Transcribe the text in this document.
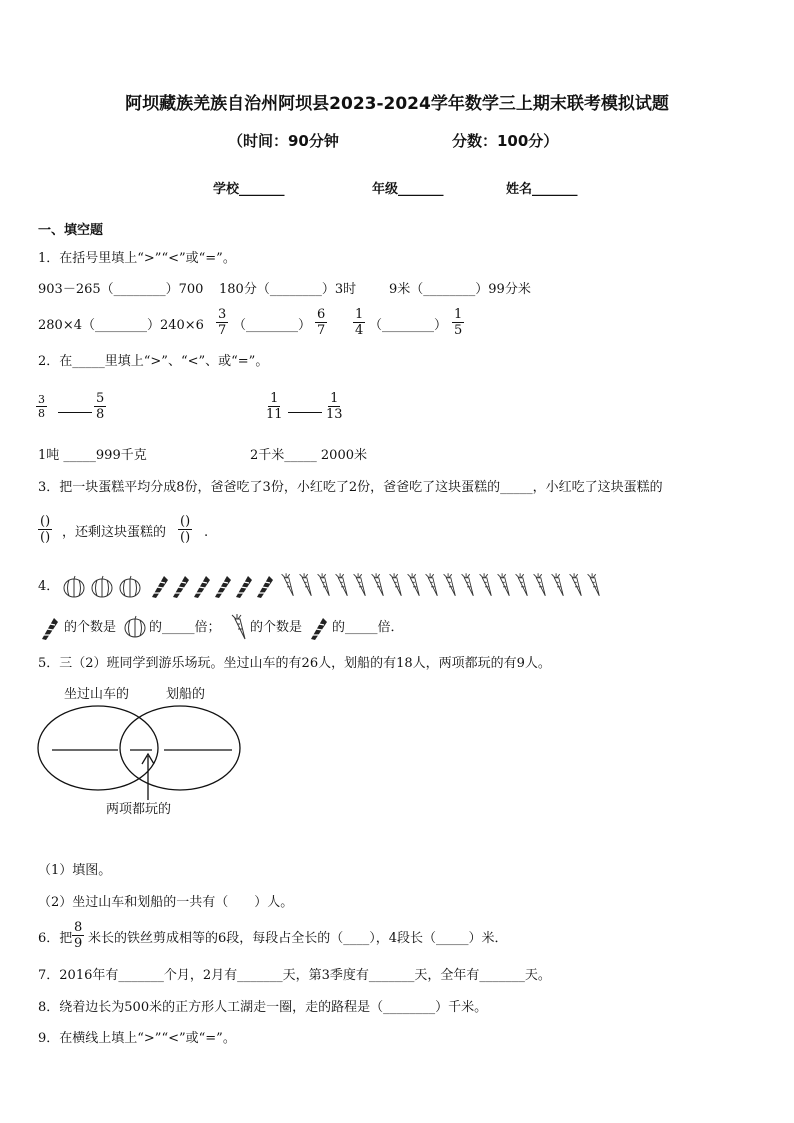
阿坝藏族羌族自治州阿坝县2023-2024学年数学三上期末联考模拟试题
（时间：90分钟	分数：100分）
学校_______	年级_______	姓名_______
一、填空题
1．在括号里填上“>”“<”或“=”。
903－265（________）700 180分（________）3时	9米（________）99分米
280×4（________）240×6 $\frac{3}{7}$ （________） $\frac{6}{7} \frac{1}{4}$ （________） $\frac{1}{5}$
2．在_____里填上“>”、“<”、或“=”。
$\frac{3}{8}$	$\frac{5}{8}$	$\frac{1}{11}$	$\frac{1}{13}$
1吨 _____999千克	2千米_____ 2000米
3．把一块蛋糕平均分成8份，爸爸吃了3份，小红吃了2份，爸爸吃了这块蛋糕的_____，小红吃了这块蛋糕的
()
() ，还剩这块蛋糕的
()
() .
4．
的个数是	的_____倍； 的个数是 的_____倍．
5．三（2）班同学到游乐场玩。坐过山车的有26人，划船的有18人，两项都玩的有9人。
坐过山车的	划船的
两项都玩的
（1）填图。
（2）坐过山车和划船的一共有（　　）人。
6．把 $\frac{8}{9}$ 米长的铁丝剪成相等的6段，每段占全长的（____），4段长（_____）米．
7．2016年有_______个月，2月有_______天，第3季度有_______天，全年有_______天。
8．绕着边长为500米的正方形人工湖走一圈，走的路程是（________）千米。
9．在横线上填上“>”“<”或“=”。
